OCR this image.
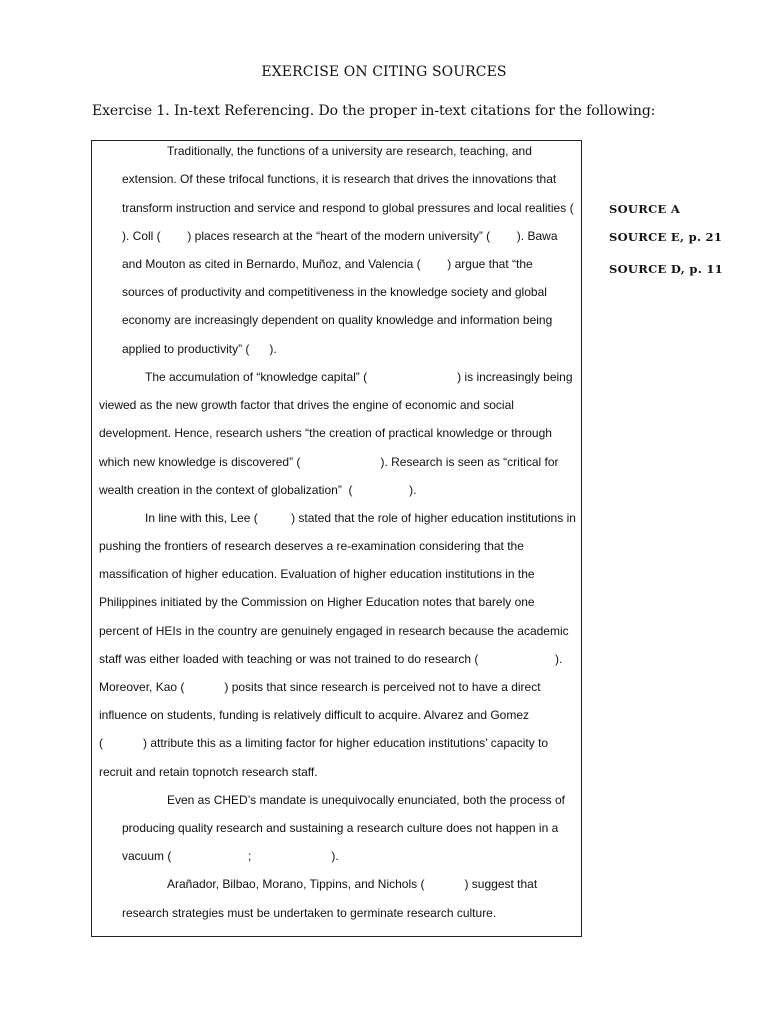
EXERCISE ON CITING SOURCES
Exercise 1. In-text Referencing. Do the proper in-text citations for the following:
Traditionally, the functions of a university are research, teaching, and
extension. Of these trifocal functions, it is research that drives the innovations that
transform instruction and service and respond to global pressures and local realities (
). Coll (        ) places research at the “heart of the modern university” (        ). Bawa
and Mouton as cited in Bernardo, Muñoz, and Valencia (        ) argue that “the
sources of productivity and competitiveness in the knowledge society and global
economy are increasingly dependent on quality knowledge and information being
applied to productivity” (      ).
The accumulation of “knowledge capital” (                           ) is increasingly being
viewed as the new growth factor that drives the engine of economic and social
development. Hence, research ushers “the creation of practical knowledge or through
which new knowledge is discovered” (                        ). Research is seen as “critical for
wealth creation in the context of globalization”  (                 ).
In line with this, Lee (          ) stated that the role of higher education institutions in
pushing the frontiers of research deserves a re-examination considering that the
massification of higher education. Evaluation of higher education institutions in the
Philippines initiated by the Commission on Higher Education notes that barely one
percent of HEIs in the country are genuinely engaged in research because the academic
staff was either loaded with teaching or was not trained to do research (                       ).
Moreover, Kao (            ) posits that since research is perceived not to have a direct
influence on students, funding is relatively difficult to acquire. Alvarez and Gomez
(            ) attribute this as a limiting factor for higher education institutions’ capacity to
recruit and retain topnotch research staff.
Even as CHED’s mandate is unequivocally enunciated, both the process of
producing quality research and sustaining a research culture does not happen in a
vacuum (                       ;                        ).
Arañador, Bilbao, Morano, Tippins, and Nichols (            ) suggest that
research strategies must be undertaken to germinate research culture.
SOURCE A
SOURCE E, p. 21
SOURCE D, p. 11
